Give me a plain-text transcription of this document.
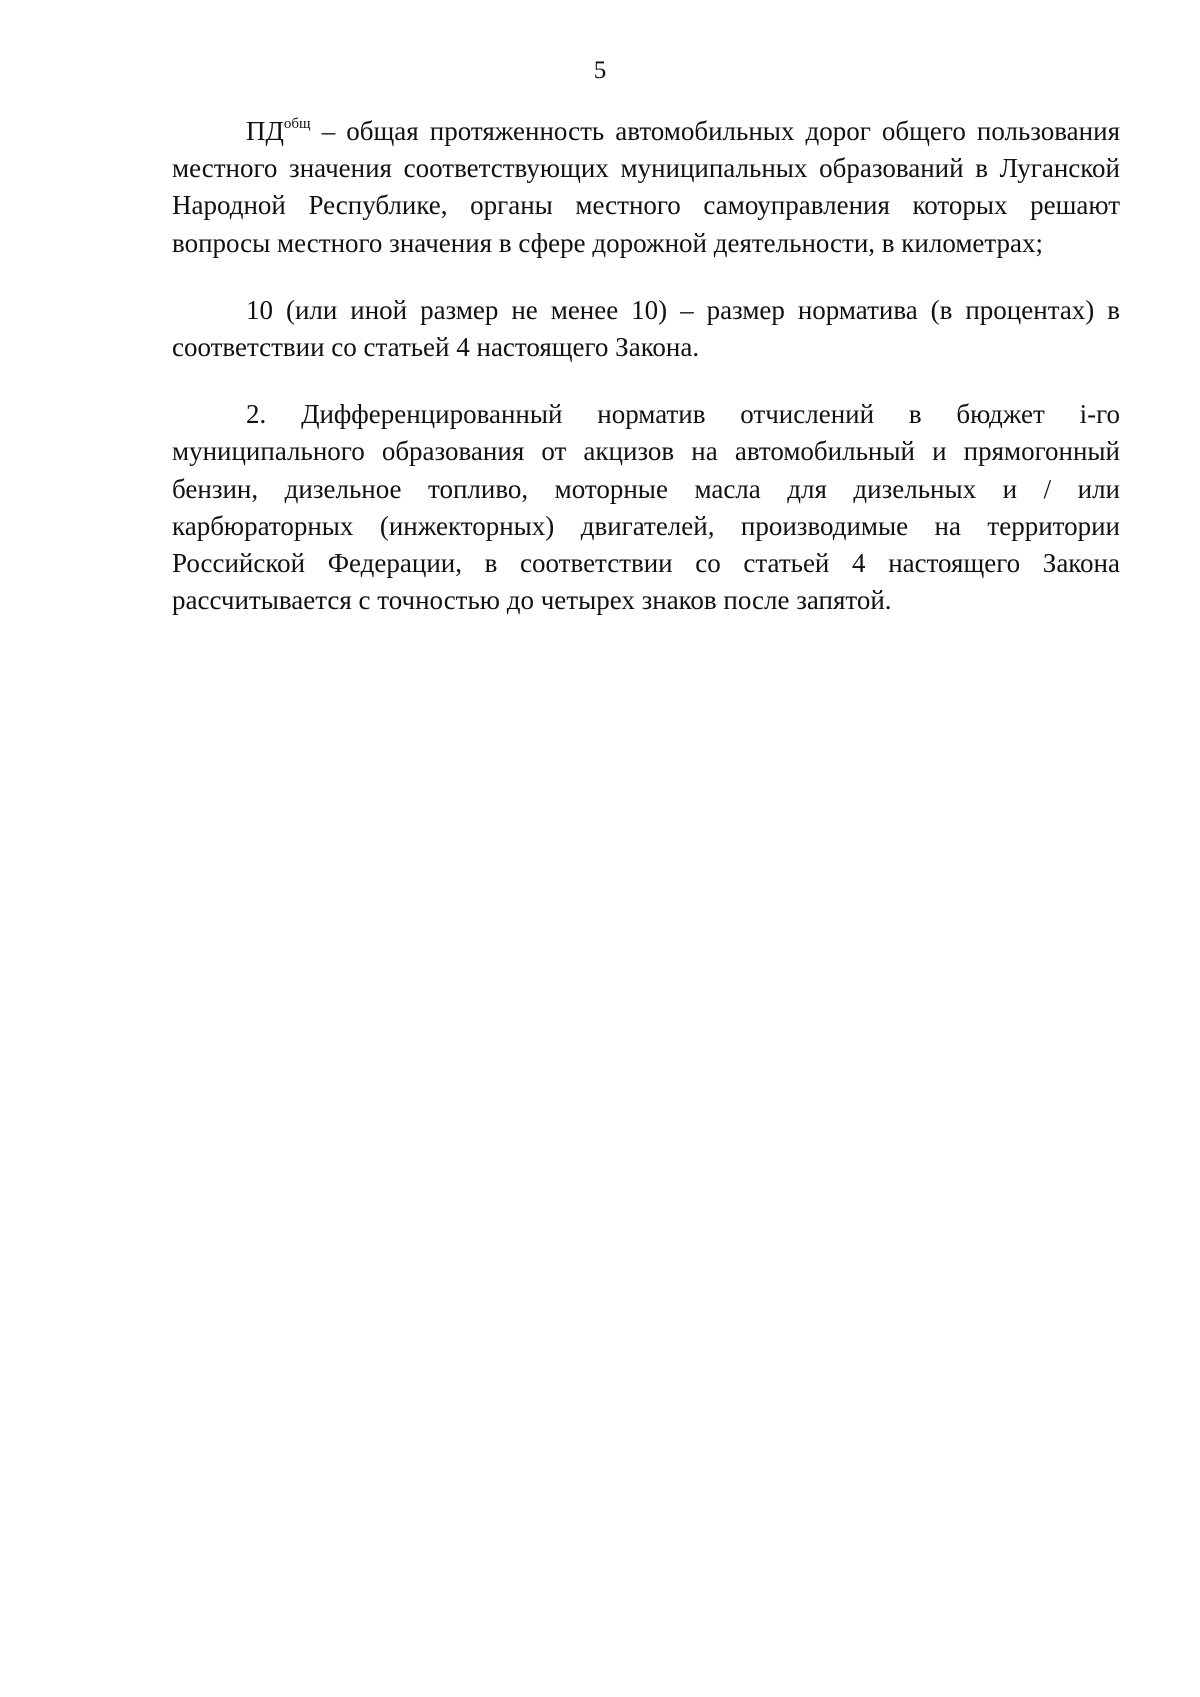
5

$ПД^{общ}$ – общая протяженность автомобильных дорог общего пользования местного значения соответствующих муниципальных образований в Луганской Народной Республике, органы местного самоуправления которых решают вопросы местного значения в сфере дорожной деятельности, в километрах;

10 (или иной размер не менее 10) – размер норматива (в процентах) в соответствии со статьей 4 настоящего Закона.

2. Дифференцированный норматив отчислений в бюджет i-го муниципального образования от акцизов на автомобильный и прямогонный бензин, дизельное топливо, моторные масла для дизельных и / или карбюраторных (инжекторных) двигателей, производимые на территории Российской Федерации, в соответствии со статьей 4 настоящего Закона рассчитывается с точностью до четырех знаков после запятой.
